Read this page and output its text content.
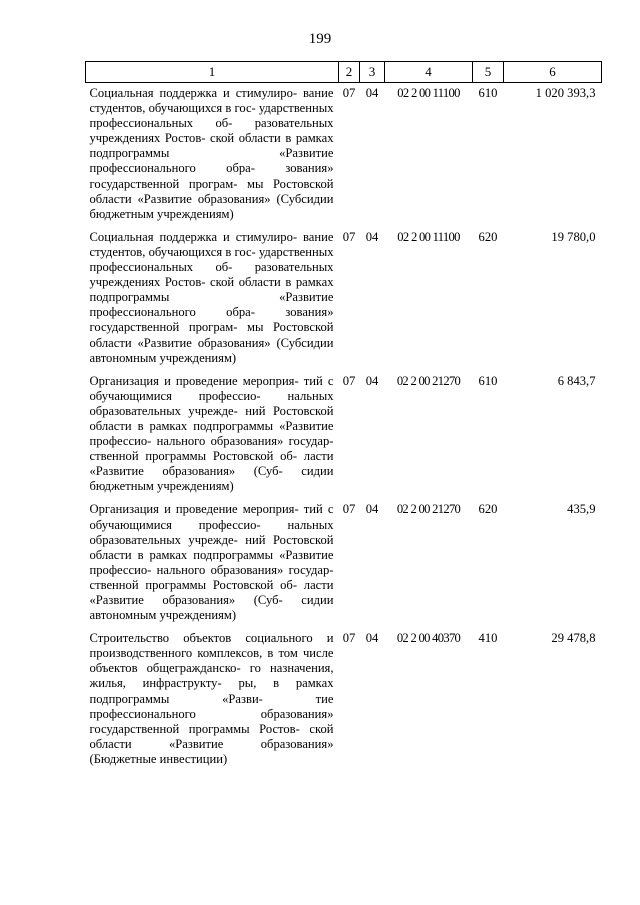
199
1	2	3	4	5	6
Социальная поддержка и стимулиро- вание студентов, обучающихся в гос- ударственных профессиональных об- разовательных учреждениях Ростов- ской области в рамках подпрограммы «Развитие профессионального обра- зования» государственной програм- мы Ростовской области «Развитие образования» (Субсидии бюджетным учреждениям)	07	04	02 2 00 11100	610	1 020 393,3
Социальная поддержка и стимулиро- вание студентов, обучающихся в гос- ударственных профессиональных об- разовательных учреждениях Ростов- ской области в рамках подпрограммы «Развитие профессионального обра- зования» государственной програм- мы Ростовской области «Развитие образования» (Субсидии автономным учреждениям)	07	04	02 2 00 11100	620	19 780,0
Организация и проведение мероприя- тий с обучающимися профессио- нальных образовательных учрежде- ний Ростовской области в рамках подпрограммы «Развитие профессио- нального образования» государ- ственной программы Ростовской об- ласти «Развитие образования» (Суб- сидии бюджетным учреждениям)	07	04	02 2 00 21270	610	6 843,7
Организация и проведение мероприя- тий с обучающимися профессио- нальных образовательных учрежде- ний Ростовской области в рамках подпрограммы «Развитие профессио- нального образования» государ- ственной программы Ростовской об- ласти «Развитие образования» (Суб- сидии автономным учреждениям)	07	04	02 2 00 21270	620	435,9
Строительство объектов социального и производственного комплексов, в том числе объектов общегражданско- го назначения, жилья, инфраструкту- ры, в рамках подпрограммы «Разви- тие профессионального образования» государственной программы Ростов- ской области «Развитие образования» (Бюджетные инвестиции)	07	04	02 2 00 40370	410	29 478,8
